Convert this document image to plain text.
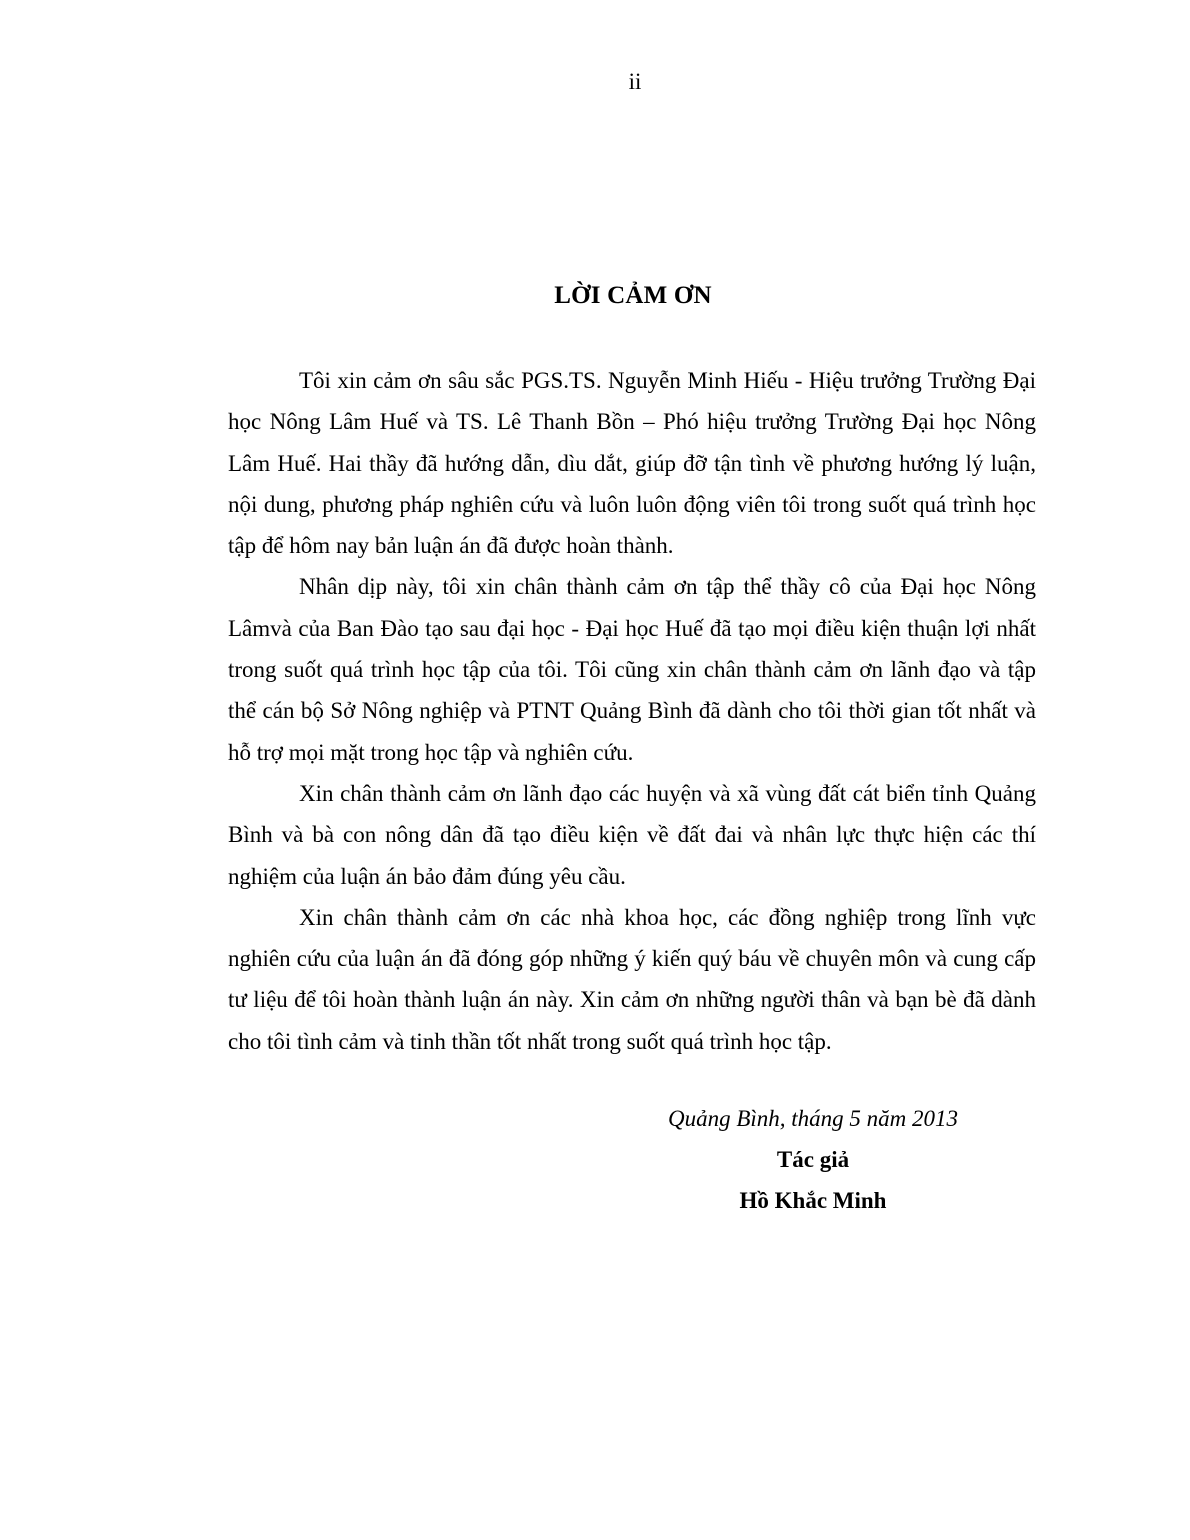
ii
LỜI CẢM ƠN

Tôi xin cảm ơn sâu sắc PGS.TS. Nguyễn Minh Hiếu - Hiệu trưởng Trường Đại học Nông Lâm Huế và TS. Lê Thanh Bồn – Phó hiệu trưởng Trường Đại học Nông Lâm Huế. Hai thầy đã hướng dẫn, dìu dắt, giúp đỡ tận tình về phương hướng lý luận, nội dung, phương pháp nghiên cứu và luôn luôn động viên tôi trong suốt quá trình học tập để hôm nay bản luận án đã được hoàn thành.

Nhân dịp này, tôi xin chân thành cảm ơn tập thể thầy cô của Đại học Nông Lâmvà của Ban Đào tạo sau đại học - Đại học Huế đã tạo mọi điều kiện thuận lợi nhất trong suốt quá trình học tập của tôi. Tôi cũng xin chân thành cảm ơn lãnh đạo và tập thể cán bộ Sở Nông nghiệp và PTNT Quảng Bình đã dành cho tôi thời gian tốt nhất và hỗ trợ mọi mặt trong học tập và nghiên cứu.

Xin chân thành cảm ơn lãnh đạo các huyện và xã vùng đất cát biển tỉnh Quảng Bình và bà con nông dân đã tạo điều kiện về đất đai và nhân lực thực hiện các thí nghiệm của luận án bảo đảm đúng yêu cầu.

Xin chân thành cảm ơn các nhà khoa học, các đồng nghiệp trong lĩnh vực nghiên cứu của luận án đã đóng góp những ý kiến quý báu về chuyên môn và cung cấp tư liệu để tôi hoàn thành luận án này. Xin cảm ơn những người thân và bạn bè đã dành cho tôi tình cảm và tinh thần tốt nhất trong suốt quá trình học tập.

Quảng Bình, tháng 5 năm 2013
Tác giả
Hồ Khắc Minh
